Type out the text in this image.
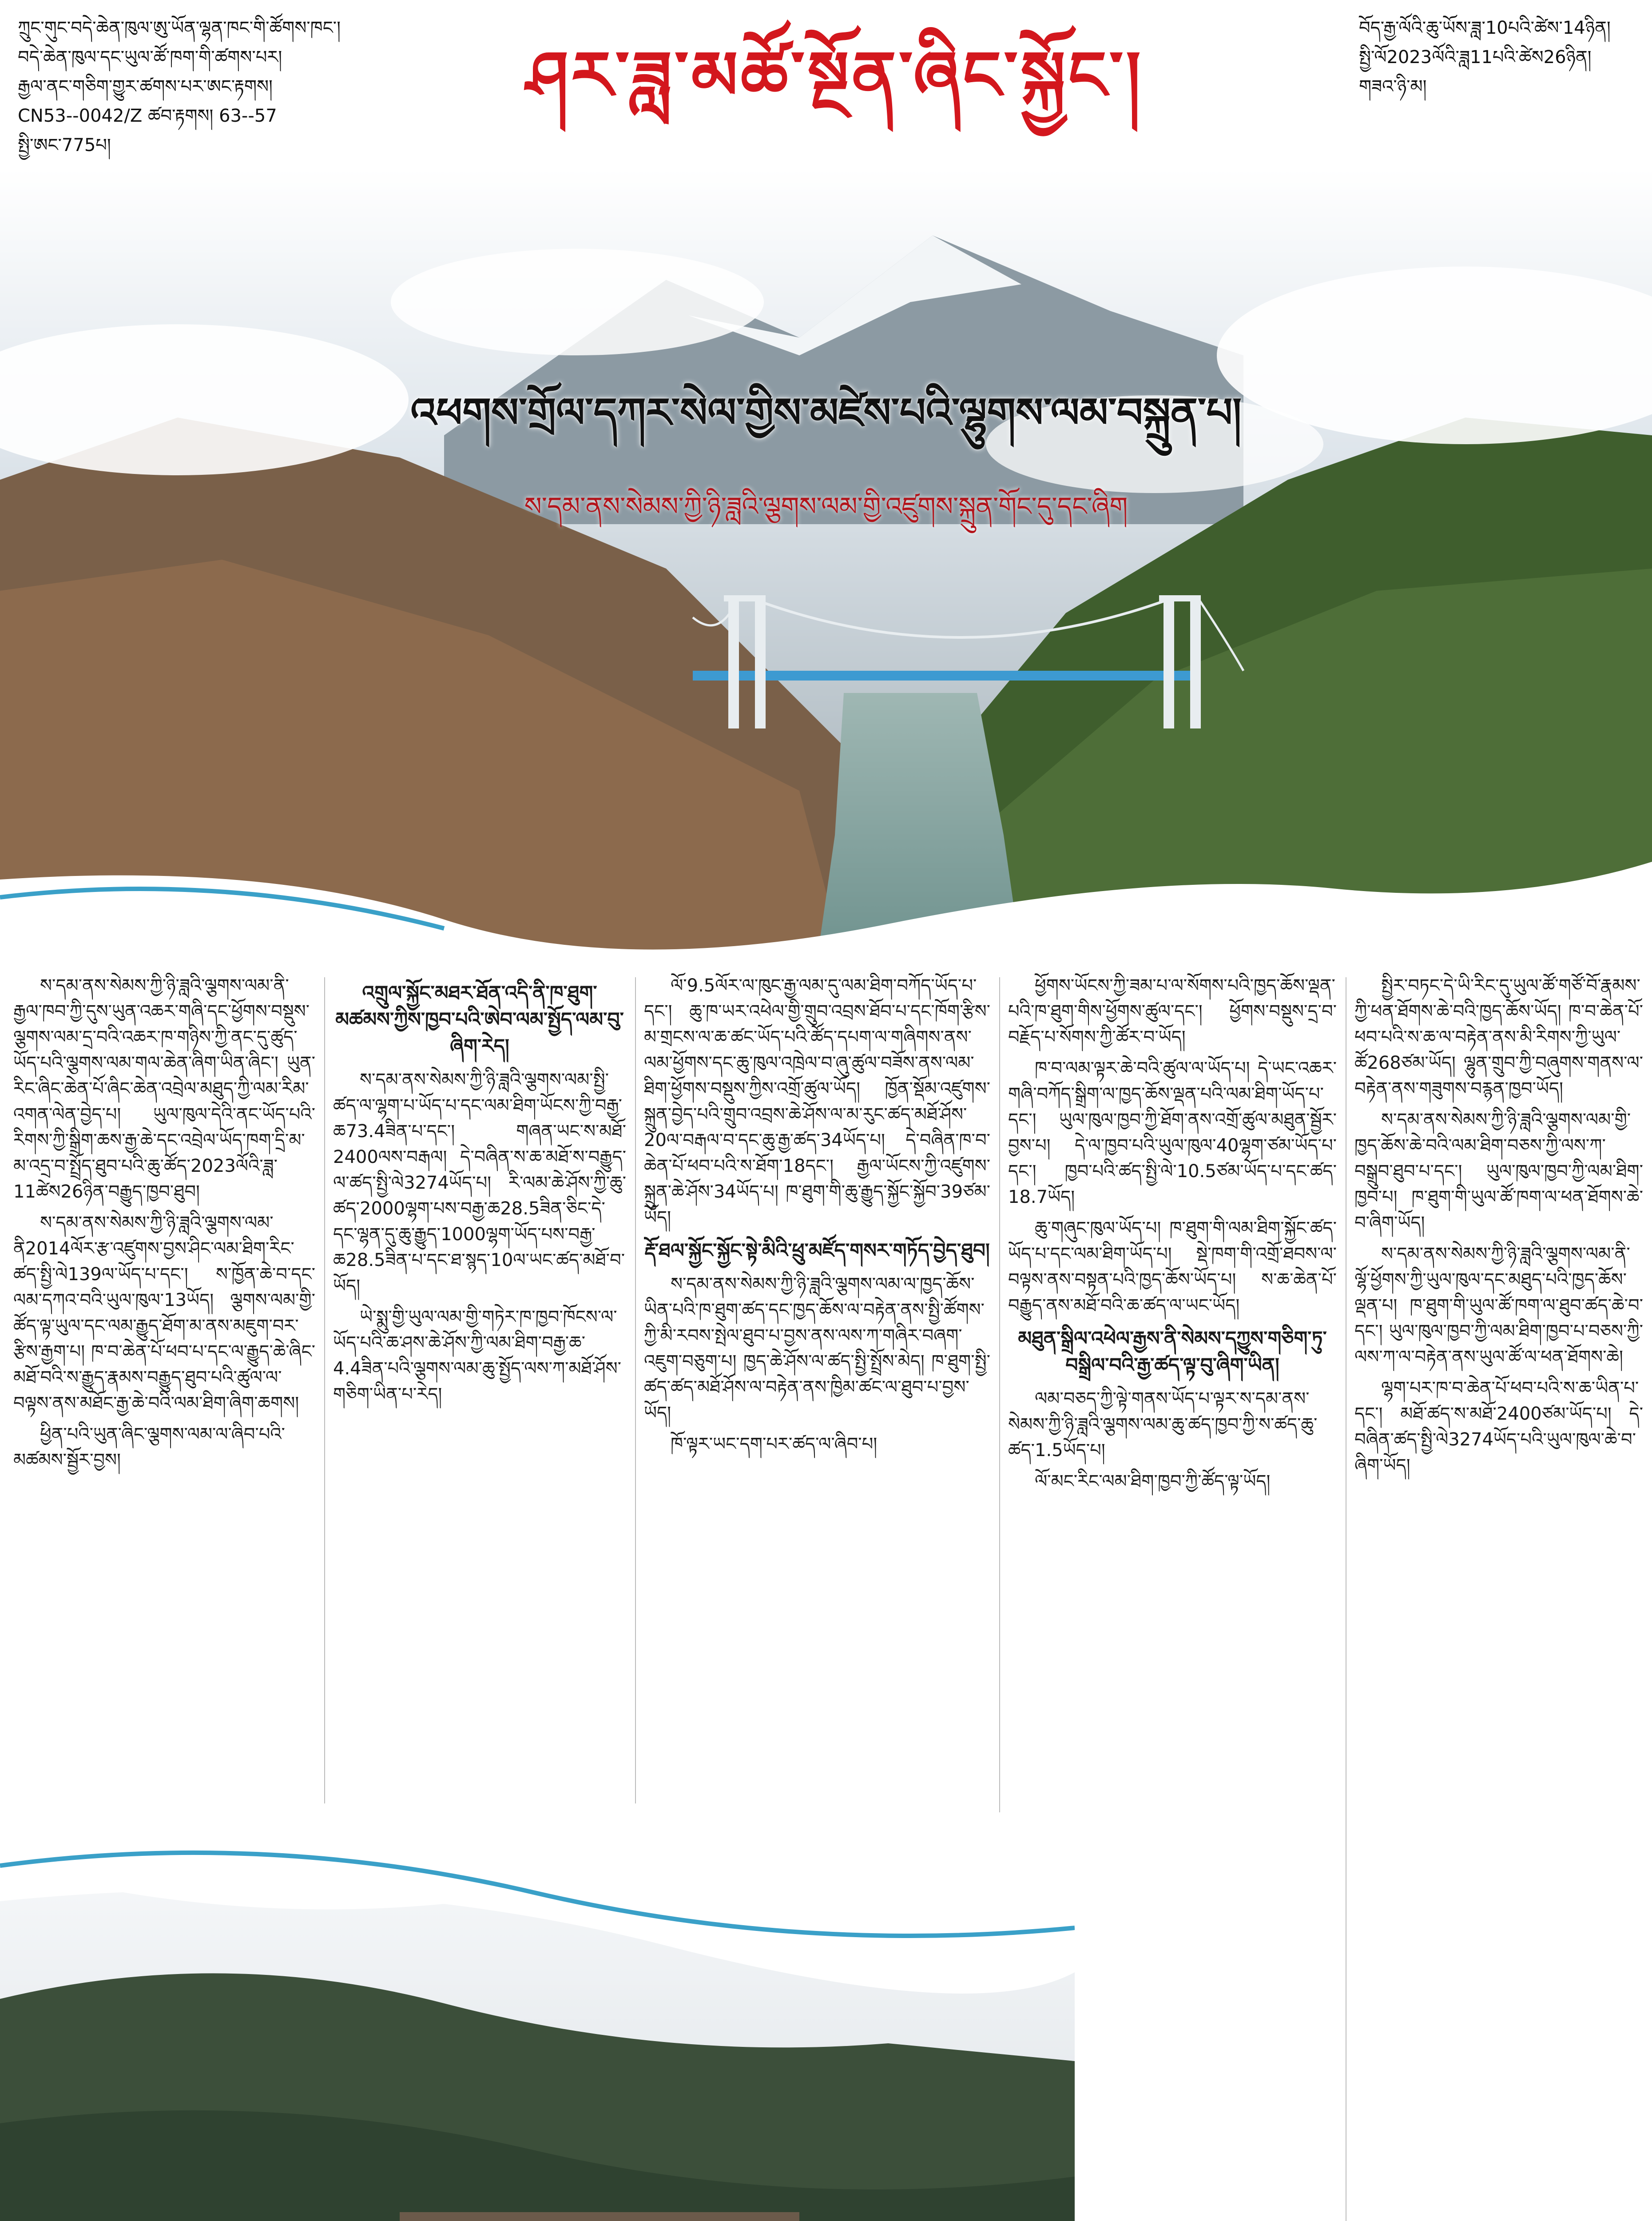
ཀྲུང་གུང་བདེ་ཆེན་ཁུལ་ཨུ་ཡོན་ལྷན་ཁང་གི་ཚོགས་ཁང་།
བདེ་ཆེན་ཁུལ་དང་ཡུལ་ཚོ་ཁག་གི་ཚགས་པར།
རྒྱལ་ནང་གཅིག་གྱུར་ཚགས་པར་ཨང་རྟགས།
CN53--0042/Z ཚབ་རྟགས། 63--57
སྤྱི་ཨང་775པ།
ཤར་ཟླ་མཚོ་སྔོན་ཞིང་སྐྱོང་།
བོད་རྒྱ་ལོའི་ཆུ་ཡོས་ཟླ་10པའི་ཚེས་14ཉིན།
སྤྱི་ལོ2023ལོའི་ཟླ11པའི་ཚེས26ཉིན།
གཟའ་ཉི་མ།
འཕགས་གྲོལ་དཀར་སེལ་གྱིས་མཛེས་པའི་ལྷུགས་ལམ་བསྐྲུན་པ།
ས་དམ་ནས་སེམས་ཀྱི་ཉི་ཟླའི་ལྕགས་ལམ་གྱི་འཛུགས་སྐྲུན་གོང་དུ་དང་ཞིག

ས་དམ་ནས་སེམས་ཀྱི་ཉི་ཟླའི་ལྕགས་ལམ་ནི་རྒྱལ་ཁབ་ཀྱི་དུས་ཡུན་འཆར་གཞི་དང་ཕྱོགས་བསྡུས་ལྕགས་ལམ་དྲ་བའི་འཆར་ཁ་གཉིས་ཀྱི་ནང་དུ་ཚུད་ཡོད་པའི་ལྕགས་ལམ་གལ་ཆེན་ཞིག་ཡིན་ཞིང་། ཡུན་རིང་ཞིང་ཆེན་པོ་ཞིང་ཆེན་འབྲེལ་མཐུད་ཀྱི་ལམ་རིམ་འགན་ལེན་བྱེད་པ། ཡུལ་ཁུལ་དེའི་ནང་ཡོད་པའི་རིགས་ཀྱི་སྒྲིག་ཆས་རྒྱ་ཆེ་དང་འབྲེལ་ཡོད་ཁག་དྲི་མ་མ་འདྲ་བ་སྤྲོད་ཐུབ་པའི་ཆུ་ཚོད་2023ལོའི་ཟླ་11ཚེས26ཉིན་བརྒྱུད་ཁྱབ་ཐུབ།

ས་དམ་ནས་སེམས་ཀྱི་ཉི་ཟླའི་ལྕགས་ལམ་ནི2014ལོར་རྩ་འཛུགས་བྱས་ཤིང་ལམ་ཐིག་རིང་ཚད་སྤྱི་ལེ139ལ་ཡོད་པ་དང་། ས་ཁྱོན་ཆེ་བ་དང་ལམ་དཀའ་བའི་ཡུལ་ཁུལ་13ཡོད། ལྕགས་ལམ་གྱི་ཚོད་ལྟ་ཡུལ་དང་ལམ་རྒྱུད་ཐོག་མ་ནས་མཇུག་བར་རྩིས་རྒྱག་པ། ཁ་བ་ཆེན་པོ་ཕབ་པ་དང་ལ་རྒྱུད་ཆེ་ཞིང་མཐོ་བའི་ས་རྒྱུད་རྣམས་བརྒྱུད་ཐུབ་པའི་ཚུལ་ལ་བལྟས་ནས་མཐོང་རྒྱ་ཆེ་བའི་ལམ་ཐིག་ཞིག་ཆགས།

ཕྱིན་པའི་ཡུན་ཞིང་ལྕགས་ལམ་ལ་ཞིབ་པའི་མཚམས་སྦྱོར་བྱས།

འགྲུལ་སྐྱོང་མཐར་ཐོན་འདི་ནི་ཁ་ཐུག་མཚམས་ཀྱིས་ཁྱབ་པའི་ཨེབ་ལམ་སྤྱོད་ལམ་བུ་ཞིག་རེད།

ས་དམ་ནས་སེམས་ཀྱི་ཉི་ཟླའི་ལྕགས་ལམ་སྤྱི་ཚད་ལ་ལྷག་པ་ཡོད་པ་དང་ལམ་ཐིག་ཡོངས་ཀྱི་བརྒྱ་ཆ73.4ཟིན་པ་དང་། གཞན་ཡང་ས་མཐོ་2400ལས་བརྒལ། དེ་བཞིན་ས་ཆ་མཐོ་ས་བརྒྱུད་ལ་ཚད་སྤྱི་ལེ3274ཡོད་པ། རི་ལམ་ཆེ་ཤོས་ཀྱི་ཆུ་ཚད་2000ལྷག་པས་བརྒྱ་ཆ28.5ཟིན་ཅིང་དེ་དང་ལྷན་དུ་ཆུ་རྒྱུད་1000ལྷག་ཡོད་པས་བརྒྱ་ཆ28.5ཟིན་པ་དང་ཐ་སྙད་10ལ་ཡང་ཚད་མཐོ་བ་ཡོད།

ཡེ་སྨུ་གྱི་ཡུལ་ལམ་གྱི་གཏེར་ཁ་ཁྱབ་ཁོངས་ལ་ཡོད་པའི་ཆ་ཤས་ཆེ་ཤོས་ཀྱི་ལམ་ཐིག་བརྒྱ་ཆ་4.4ཟིན་པའི་ལྕགས་ལམ་ཆུ་སྤྱོད་ལས་ཀ་མཐོ་ཤོས་གཅིག་ཡིན་པ་རེད།

ལོ་9.5ལོར་ལ་ཁུང་རྒྱ་ལམ་དུ་ལམ་ཐིག་བཀོད་ཡོད་པ་དང་། ཆུ་ཁ་ཡར་འཕེལ་གྱི་གྲུབ་འབྲས་ཐོབ་པ་དང་ཁོག་རྩིས་མ་གྲངས་ལ་ཆ་ཚང་ཡོད་པའི་ཚོད་དཔག་ལ་གཞིགས་ནས་ལམ་ཕྱོགས་དང་ཆུ་ཁུལ་འཁྲེལ་བ་ཞུ་ཚུལ་བཟོས་ནས་ལམ་ཐིག་ཕྱོགས་བསྡུས་ཀྱིས་འགྲོ་ཚུལ་ཡོད། ཁྱོན་སྡོམ་འཛུགས་སྐྲུན་བྱེད་པའི་གྲུབ་འབྲས་ཆེ་ཤོས་ལ་མ་རུང་ཚད་མཐོ་ཤོས་20ལ་བརྒལ་བ་དང་ཆུ་རྒྱ་ཚད་34ཡོད་པ། དེ་བཞིན་ཁ་བ་ཆེན་པོ་ཕབ་པའི་ས་ཐོག་18དང་། རྒྱལ་ཡོངས་ཀྱི་འཛུགས་སྐྲུན་ཆེ་ཤོས་34ཡོད་པ། ཁ་ཐུག་གི་ཆུ་རྒྱུད་སྐྱོང་སྐྱོབ་39ཙམ་ཡོད།

རྡོ་ཐལ་སྐྱོང་སྐྱོང་སྟེ་མིའི་ཕྲུ་མཛོད་གསར་གཏོད་བྱེད་ཐུབ།

ས་དམ་ནས་སེམས་ཀྱི་ཉི་ཟླའི་ལྕགས་ལམ་ལ་ཁྱད་ཆོས་ཡིན་པའི་ཁ་ཐུག་ཚད་དང་ཁྱད་ཆོས་ལ་བརྟེན་ནས་སྤྱི་ཚོགས་ཀྱི་མི་རབས་སྤེལ་ཐུབ་པ་བྱས་ནས་ལས་ཀ་གཞིར་བཞག་འཇུག་བཅུག་པ། ཁྱད་ཆེ་ཤོས་ལ་ཚད་སྤྱི་སྤྲོས་མེད། ཁ་ཐུག་སྤྱི་ཚད་ཚད་མཐོ་ཤོས་ལ་བརྟེན་ནས་ཁྱིམ་ཚང་ལ་ཐུབ་པ་བྱས་ཡོད།

ཁོ་ལྟར་ཡང་དག་པར་ཚད་ལ་ཞིབ་པ།

ཕྱོགས་ཡོངས་ཀྱི་ཟམ་པ་ལ་སོགས་པའི་ཁྱད་ཆོས་ལྡན་པའི་ཁ་ཐུག་གིས་ཕྱོགས་ཚུལ་དང་། ཕྱོགས་བསྡུས་དྲ་བ་བརྗོད་པ་སོགས་ཀྱི་ཚོར་བ་ཡོད།

ཁ་བ་ལམ་ལྟར་ཆེ་བའི་ཚུལ་ལ་ཡོད་པ། དེ་ཡང་འཆར་གཞི་བཀོད་སྒྲིག་ལ་ཁྱད་ཆོས་ལྡན་པའི་ལམ་ཐིག་ཡོད་པ་དང་། ཡུལ་ཁུལ་ཁྱབ་ཀྱི་ཐོག་ནས་འགྲོ་ཚུལ་མཐུན་སྦྱོར་བྱས་པ། དེ་ལ་ཁྱབ་པའི་ཡུལ་ཁུལ་40ལྷག་ཙམ་ཡོད་པ་དང་། ཁྱབ་པའི་ཚད་སྤྱི་ལེ་10.5ཙམ་ཡོད་པ་དང་ཚད་18.7ཡོད།

ཆུ་གཞུང་ཁུལ་ཡོད་པ། ཁ་ཐུག་གི་ལམ་ཐིག་སྐྱོང་ཚད་ཡོད་པ་དང་ལམ་ཐིག་ཡོད་པ། སྡེ་ཁག་གི་འགྲོ་ཐབས་ལ་བལྟས་ནས་བསྟན་པའི་ཁྱད་ཆོས་ཡོད་པ། ས་ཆ་ཆེན་པོ་བརྒྱུད་ནས་མཐོ་བའི་ཆ་ཚད་ལ་ཡང་ཡོད།

མཐུན་སྒྲིལ་འཕེལ་རྒྱས་ནི་སེམས་དཀྱུས་གཅིག་ཏུ་བསྒྲིལ་བའི་རྒྱ་ཚད་ལྟ་བུ་ཞིག་ཡིན།

ལམ་བཅད་ཀྱི་ལྟེ་གནས་ཡོད་པ་ལྟར་ས་དམ་ནས་སེམས་ཀྱི་ཉི་ཟླའི་ལྕགས་ལམ་ཆུ་ཚད་ཁྱབ་ཀྱི་ས་ཚད་ཆུ་ཚད་1.5ཡོད་པ།

ལོ་མང་རིང་ལམ་ཐིག་ཁྱབ་ཀྱི་ཚོད་ལྟ་ཡོད།

སྤྱིར་བཏང་དེ་ཡི་རིང་དུ་ཡུལ་ཚོ་གཙོ་བོ་རྣམས་ཀྱི་ཕན་ཐོགས་ཆེ་བའི་ཁྱད་ཆོས་ཡོད། ཁ་བ་ཆེན་པོ་ཕབ་པའི་ས་ཆ་ལ་བརྟེན་ནས་མི་རིགས་ཀྱི་ཡུལ་ཚོ268ཙམ་ཡོད། ལྷུན་གྲུབ་ཀྱི་བཞུགས་གནས་ལ་བརྟེན་ནས་གཟུགས་བརྙན་ཁྱབ་ཡོད།

ས་དམ་ནས་སེམས་ཀྱི་ཉི་ཟླའི་ལྕགས་ལམ་གྱི་ཁྱད་ཆོས་ཆེ་བའི་ལམ་ཐིག་བཅས་ཀྱི་ལས་ཀ་བསྒྲུབ་ཐུབ་པ་དང་། ཡུལ་ཁུལ་ཁྱབ་ཀྱི་ལམ་ཐིག་ཁྱབ་པ། ཁ་ཐུག་གི་ཡུལ་ཚོ་ཁག་ལ་ཕན་ཐོགས་ཆེ་བ་ཞིག་ཡོད།

ས་དམ་ནས་སེམས་ཀྱི་ཉི་ཟླའི་ལྕགས་ལམ་ནི་ལྷོ་ཕྱོགས་ཀྱི་ཡུལ་ཁུལ་དང་མཐུད་པའི་ཁྱད་ཆོས་ལྡན་པ། ཁ་ཐུག་གི་ཡུལ་ཚོ་ཁག་ལ་ཐུབ་ཚད་ཆེ་བ་དང་། ཡུལ་ཁུལ་ཁྱབ་ཀྱི་ལམ་ཐིག་ཁྱབ་པ་བཅས་ཀྱི་ལས་ཀ་ལ་བརྟེན་ནས་ཡུལ་ཚོ་ལ་ཕན་ཐོགས་ཆེ།

ལྷག་པར་ཁ་བ་ཆེན་པོ་ཕབ་པའི་ས་ཆ་ཡིན་པ་དང་། མཐོ་ཚད་ས་མཐོ་2400ཙམ་ཡོད་པ། དེ་བཞིན་ཚད་སྤྱི་ལེ3274ཡོད་པའི་ཡུལ་ཁུལ་ཆེ་བ་ཞིག་ཡོད།
